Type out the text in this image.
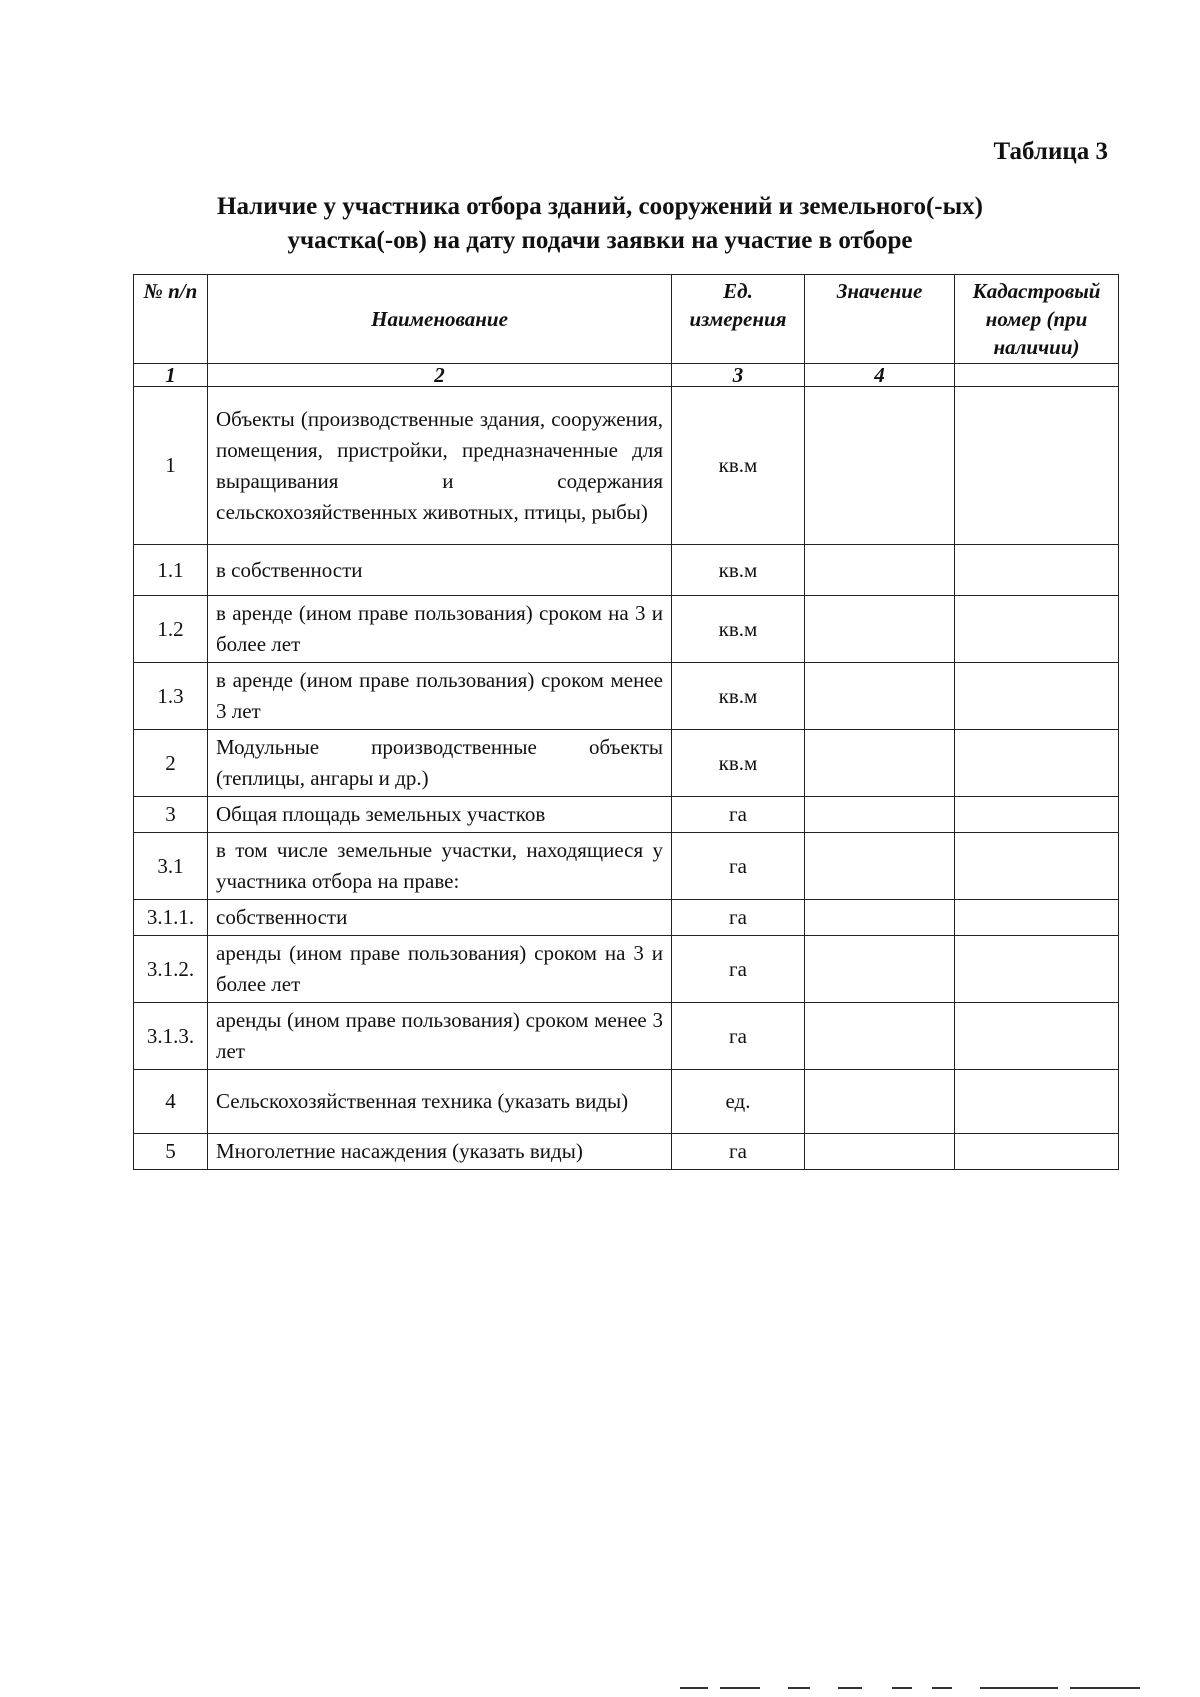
Таблица 3
Наличие у участника отбора зданий, сооружений и земельного(-ых)
участка(-ов) на дату подачи заявки на участие в отборе
№ п/п	Наименование	Ед. измерения	Значение	Кадастровый номер (при наличии)
1	2	3	4	
1	Объекты (производственные здания, сооружения, помещения, пристройки, предназначенные для выращивания и содержания сельскохозяйственных животных, птицы, рыбы)	кв.м		
1.1	в собственности	кв.м		
1.2	в аренде (ином праве пользования) сроком на 3 и более лет	кв.м		
1.3	в аренде (ином праве пользования) сроком менее 3 лет	кв.м		
2	Модульные производственные объекты (теплицы, ангары и др.)	кв.м		
3	Общая площадь земельных участков	га		
3.1	в том числе земельные участки, находящиеся у участника отбора на праве:	га		
3.1.1.	собственности	га		
3.1.2.	аренды (ином праве пользования) сроком на 3 и более лет	га		
3.1.3.	аренды (ином праве пользования) сроком менее 3 лет	га		
4	Сельскохозяйственная техника (указать виды)	ед.		
5	Многолетние насаждения (указать виды)	га		
